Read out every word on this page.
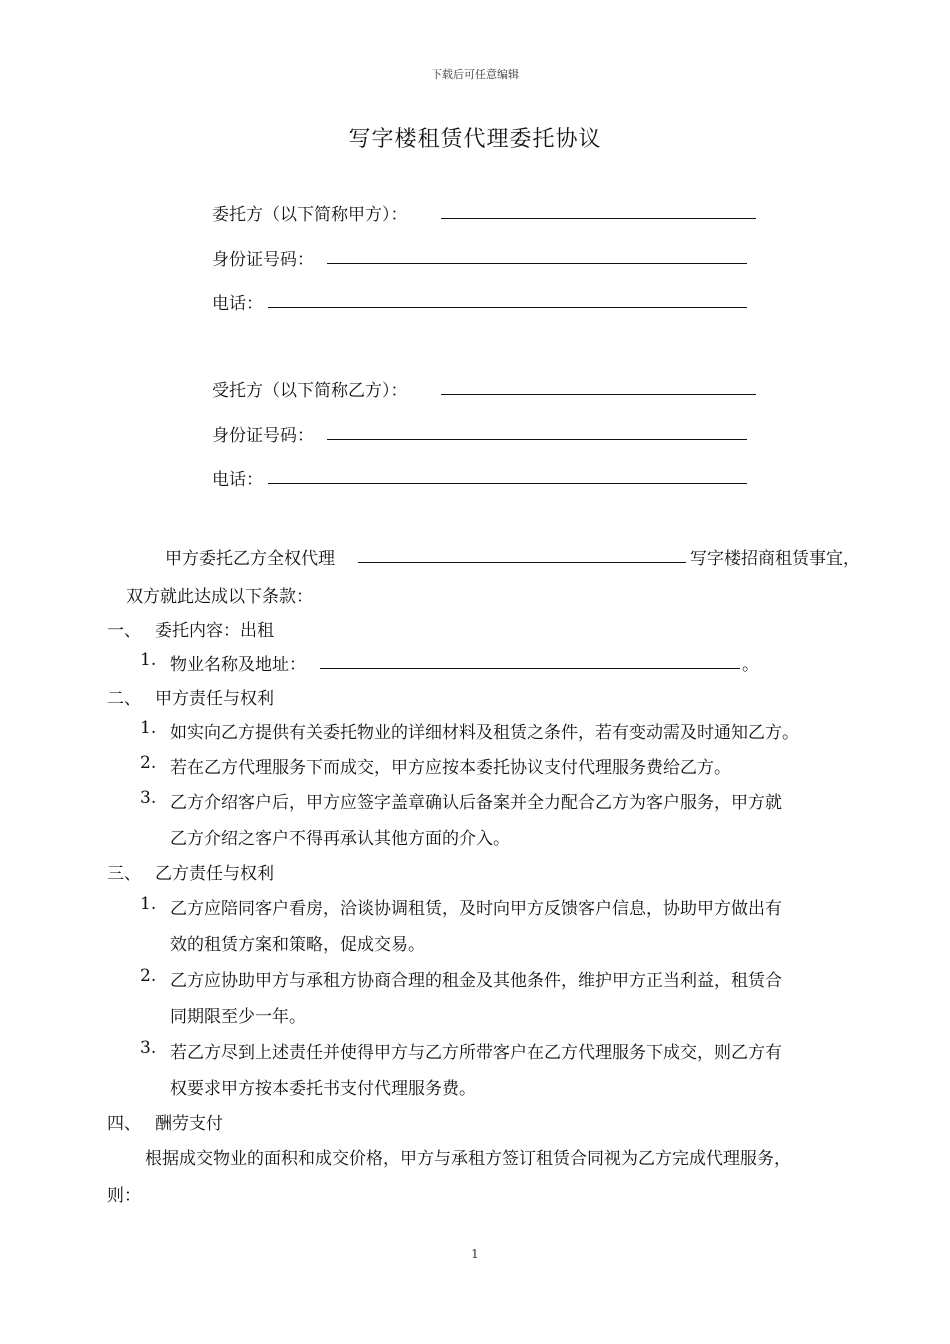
下载后可任意编辑
写字楼租赁代理委托协议
委托方（以下简称甲方）：
身份证号码：
电话：
受托方（以下简称乙方）：
身份证号码：
电话：
甲方委托乙方全权代理	写字楼招商租赁事宜，
双方就此达成以下条款：
一、 委托内容：出租
1. 物业名称及地址：	。
二、 甲方责任与权利
1. 如实向乙方提供有关委托物业的详细材料及租赁之条件，若有变动需及时通知乙方。
2. 若在乙方代理服务下而成交，甲方应按本委托协议支付代理服务费给乙方。
3. 乙方介绍客户后，甲方应签字盖章确认后备案并全力配合乙方为客户服务，甲方就
乙方介绍之客户不得再承认其他方面的介入。
三、 乙方责任与权利
1. 乙方应陪同客户看房，洽谈协调租赁，及时向甲方反馈客户信息，协助甲方做出有
效的租赁方案和策略，促成交易。
2. 乙方应协助甲方与承租方协商合理的租金及其他条件，维护甲方正当利益，租赁合
同期限至少一年。
3. 若乙方尽到上述责任并使得甲方与乙方所带客户在乙方代理服务下成交，则乙方有
权要求甲方按本委托书支付代理服务费。
四、 酬劳支付
根据成交物业的面积和成交价格，甲方与承租方签订租赁合同视为乙方完成代理服务，
则：
1
